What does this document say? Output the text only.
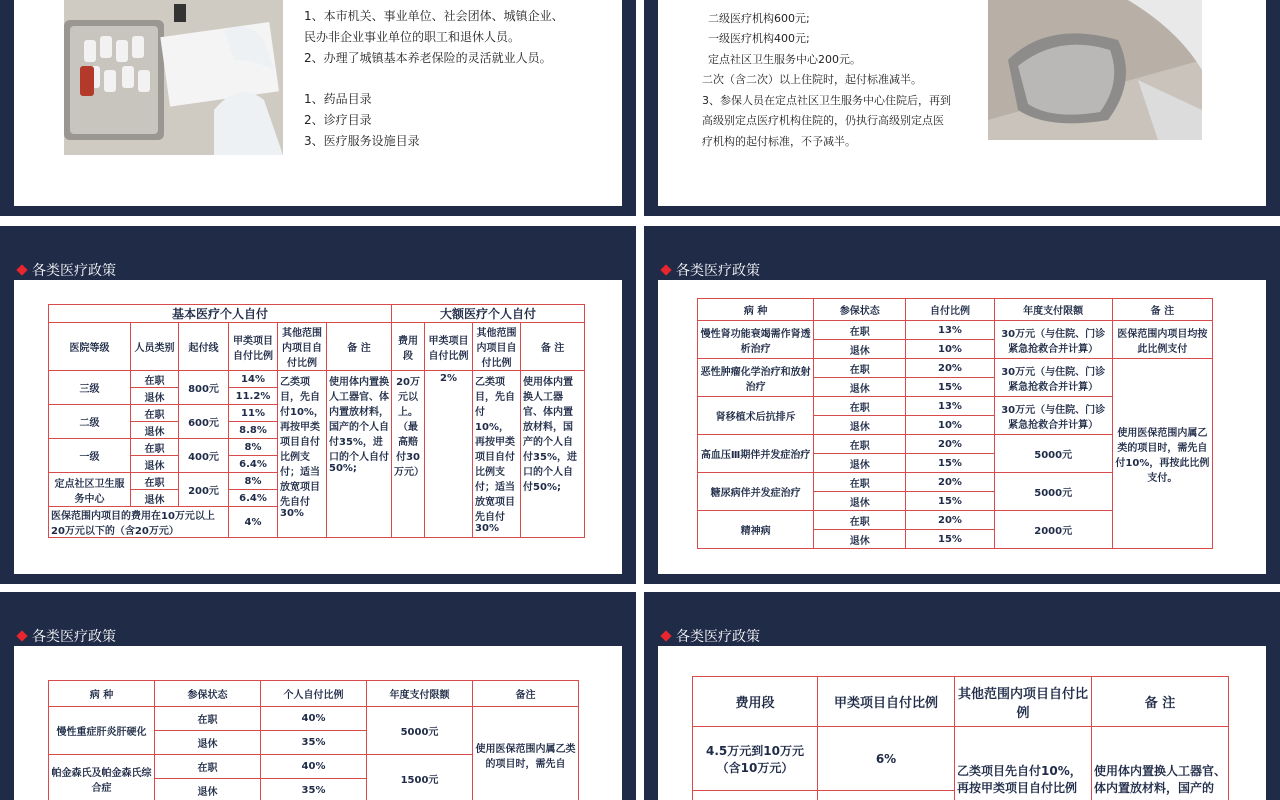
1、本市机关、事业单位、社会团体、城镇企业、
民办非企业事业单位的职工和退休人员。
2、办理了城镇基本养老保险的灵活就业人员。
1、药品目录
2、诊疗目录
3、医疗服务设施目录
二级医疗机构600元;
一级医疗机构400元;
定点社区卫生服务中心200元。
二次（含二次）以上住院时，起付标准减半。
3、参保人员在定点社区卫生服务中心住院后，再到
高级别定点医疗机构住院的，仍执行高级别定点医
疗机构的起付标准，不予减半。
各类医疗政策
基本医疗个人自付						大额医疗个人自付			
医院等级	人员类别	起付线	甲类项目自付比例	其他范围内项目自付比例	备 注	费用段	甲类项目自付比例	其他范围内项目自付比例	备 注
三级	在职	800元	14%	乙类项目，先自付10%，再按甲类项目自付比例支付；适当放宽项目先自付30%	使用体内置换人工器官、体内置放材料，国产的个人自付35%，进口的个人自付50%;	20万元以上。（最高赔付30万元）	2%	乙类项目，先自付10%，再按甲类项目自付比例支付；适当放宽项目先自付30%	使用体内置换人工器官、体内置放材料，国产的个人自付35%，进口的个人自付50%;
	退休		11.2%						
二级	在职	600元	11%						
	退休		8.8%						
一级	在职	400元	8%						
	退休		6.4%						
定点社区卫生服务中心	在职	200元	8%						
	退休		6.4%						
医保范围内项目的费用在10万元以上20万元以下的（含20万元）			4%						
各类医疗政策
病 种	参保状态	自付比例	年度支付限额	备 注
慢性肾功能衰竭需作肾透析治疗	在职	13%	30万元（与住院、门诊紧急抢救合并计算）	医保范围内项目均按此比例支付
	退休	10%		
恶性肿瘤化学治疗和放射治疗	在职	20%	30万元（与住院、门诊紧急抢救合并计算）	使用医保范围内属乙类的项目时，需先自付10%，再按此比例支付。
	退休	15%		
肾移植术后抗排斥	在职	13%	30万元（与住院、门诊紧急抢救合并计算）	
	退休	10%		
高血压Ⅲ期伴并发症治疗	在职	20%	5000元	
	退休	15%		
糖尿病伴并发症治疗	在职	20%	5000元	
	退休	15%		
精神病	在职	20%	2000元	
	退休	15%		
各类医疗政策
病 种	参保状态	个人自付比例	年度支付限额	备注
慢性重症肝炎肝硬化	在职	40%	5000元	使用医保范围内属乙类的项目时，需先自
	退休	35%		
帕金森氏及帕金森氏综合症	在职	40%	1500元	
	退休	35%		
各类医疗政策
费用段	甲类项目自付比例	其他范围内项目自付比例	备 注
4.5万元到10万元（含10万元）	6%	乙类项目先自付10%，再按甲类项目自付比例	使用体内置换人工器官、体内置放材料，国产的
